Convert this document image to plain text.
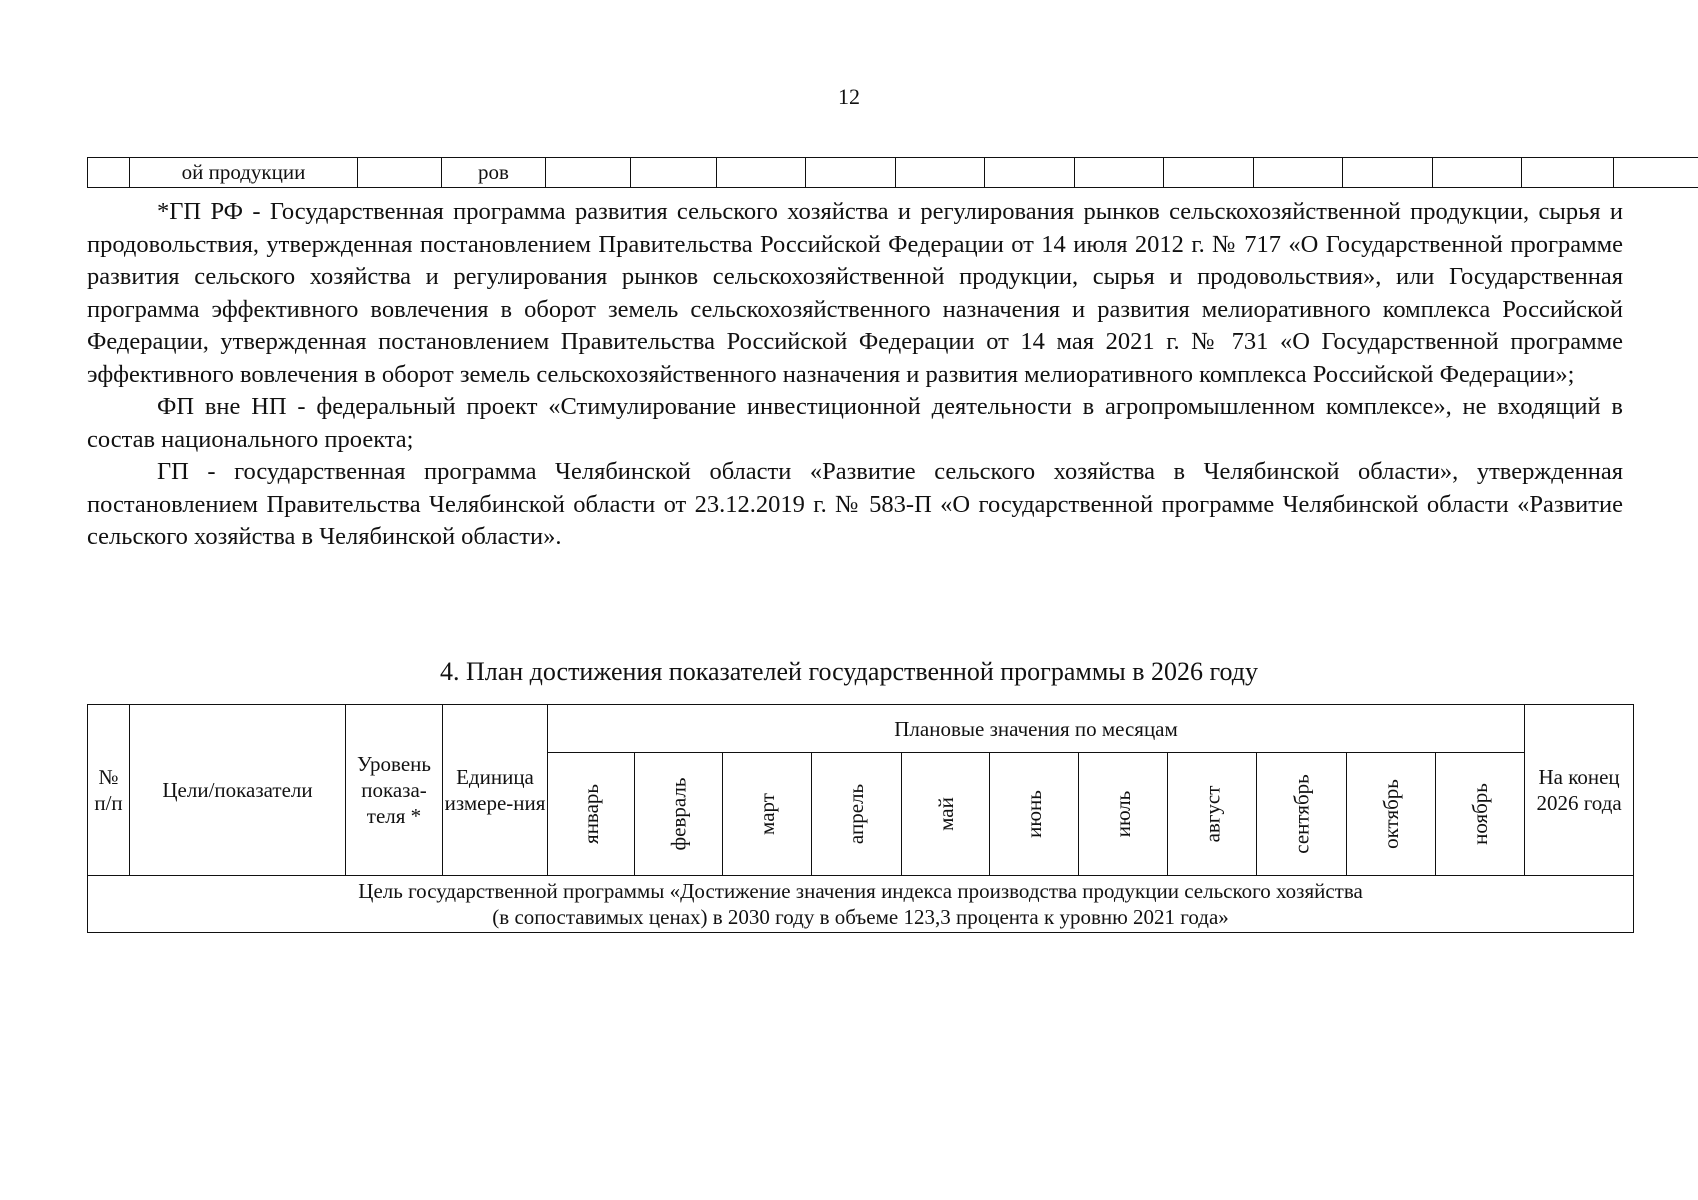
12
	ой продукции		ров													

*ГП РФ - Государственная программа развития сельского хозяйства и регулирования рынков сельскохозяйственной продукции, сырья и продовольствия, утвержденная постановлением Правительства Российской Федерации от 14 июля 2012 г. № 717 «О Государственной программе развития сельского хозяйства и регулирования рынков сельскохозяйственной продукции, сырья и продовольствия», или Государственная программа эффективного вовлечения в оборот земель сельскохозяйственного назначения и развития мелиоративного комплекса Российской Федерации, утвержденная постановлением Правительства Российской Федерации от 14 мая 2021 г. № 731 «О Государственной программе эффективного вовлечения в оборот земель сельскохозяйственного назначения и развития мелиоративного комплекса Российской Федерации»;

ФП вне НП - федеральный проект «Стимулирование инвестиционной деятельности в агропромышленном комплексе», не входящий в состав национального проекта;

ГП - государственная программа Челябинской области «Развитие сельского хозяйства в Челябинской области», утвержденная постановлением Правительства Челябинской области от 23.12.2019 г. № 583-П «О государственной программе Челябинской области «Развитие сельского хозяйства в Челябинской области».

4. План достижения показателей государственной программы в 2026 году
№ п/п	Цели/показатели	Уровень показа-теля *	Единица измере-ния	Плановые значения по месяцам											На конец 2026 года
				январь	февраль	март	апрель	май	июнь	июль	август	сентябрь	октябрь	ноябрь	

Цель государственной программы «Достижение значения индекса производства продукции сельского хозяйства
(в сопоставимых ценах) в 2030 году в объеме 123,3 процента к уровню 2021 года»															
